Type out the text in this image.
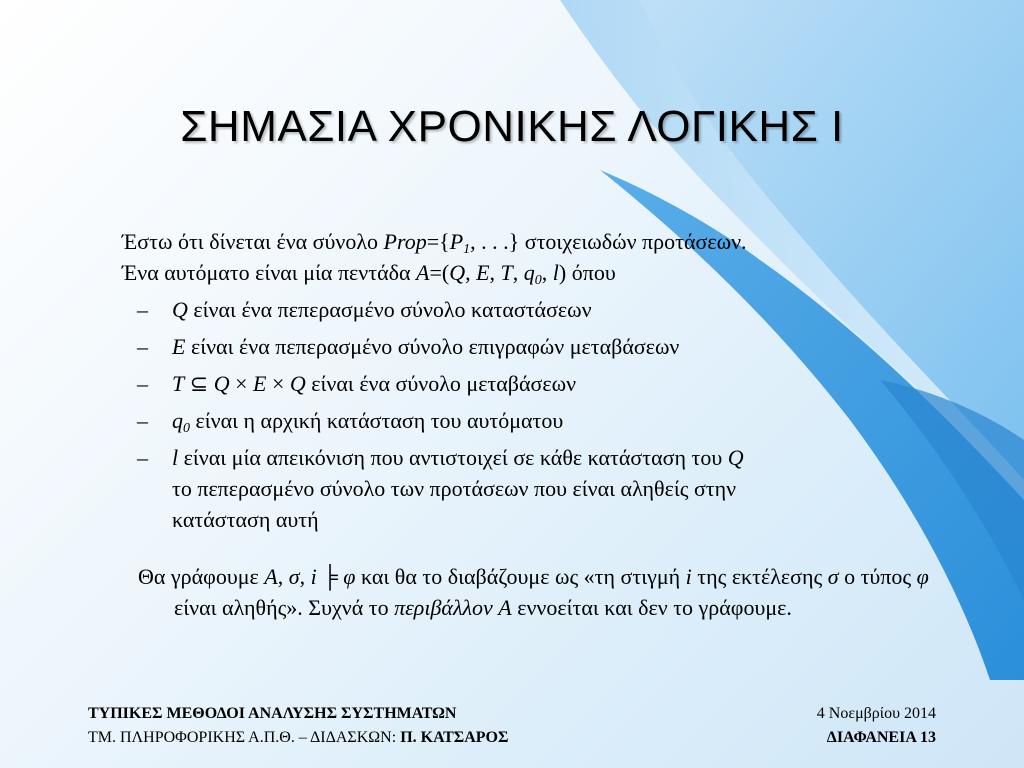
ΣΗΜΑΣΙΑ ΧΡΟΝΙΚΗΣ ΛΟΓΙΚΗΣ Ι

Έστω ότι δίνεται ένα σύνολο $Prop=\{P_1$, . . .} στοιχειωδών προτάσεων.

Ένα αυτόματο είναι μία πεντάδα A=(Q, E, T, $q_0$, l) όπου

– Q είναι ένα πεπερασμένο σύνολο καταστάσεων
– E είναι ένα πεπερασμένο σύνολο επιγραφών μεταβάσεων
– T ⊆ Q × E × Q είναι ένα σύνολο μεταβάσεων
– $q_0$ είναι η αρχική κατάσταση του αυτόματου
– l είναι μία απεικόνιση που αντιστοιχεί σε κάθε κατάσταση του Q
το πεπερασμένο σύνολο των προτάσεων που είναι αληθείς στην
κατάσταση αυτή

Θα γράφουμε A, σ, i ╞ φ και θα το διαβάζουμε ως «τη στιγμή i της εκτέλεσης σ ο τύπος φ είναι αληθής». Συχνά το περιβάλλον A εννοείται και δεν το γράφουμε.

ΤΥΠΙΚΕΣ ΜΕΘΟΔΟΙ ΑΝΑΛΥΣΗΣ ΣΥΣΤΗΜΑΤΩΝ
ΤΜ. ΠΛΗΡΟΦΟΡΙΚΗΣ Α.Π.Θ. – ΔΙΔΑΣΚΩΝ: Π. ΚΑΤΣΑΡΟΣ
4 Νοεμβρίου 2014
ΔΙΑΦΑΝΕΙΑ 13
